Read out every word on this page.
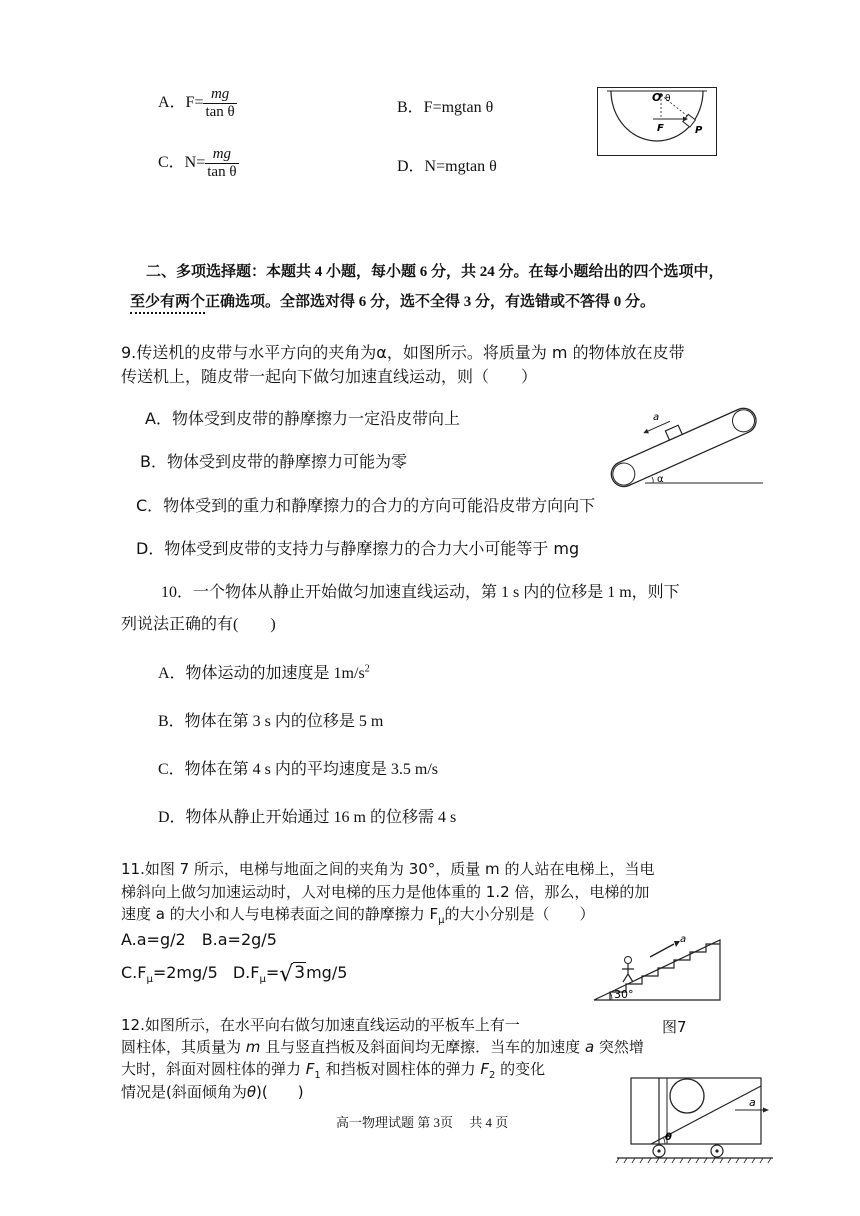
A．$F= \frac{mg}{\text{tan θ}}$	B．F=mgtan θ
C．$N= \frac{mg}{\text{tan θ}}$	D．N=mgtan θ
O θ
F	P
二、多项选择题：本题共 4 小题，每小题 6 分，共 24 分。在每小题给出的四个选项中，
至少有两个正确选项。全部选对得 6 分，选不全得 3 分，有选错或不答得 0 分。
9.传送机的皮带与水平方向的夹角为α，如图所示。将质量为 m 的物体放在皮带
传送机上，随皮带一起向下做匀加速直线运动，则（　　）
A．物体受到皮带的静摩擦力一定沿皮带向上
B．物体受到皮带的静摩擦力可能为零
C．物体受到的重力和静摩擦力的合力的方向可能沿皮带方向向下
D．物体受到皮带的支持力与静摩擦力的合力大小可能等于 mg
a
α
10．一个物体从静止开始做匀加速直线运动，第 1 s 内的位移是 1 m，则下
列说法正确的有(　　)
A．物体运动的加速度是 $1m/s^2$
B．物体在第 3 s 内的位移是 5 m
C．物体在第 4 s 内的平均速度是 3.5 m/s
D．物体从静止开始通过 16 m 的位移需 4 s
11.如图 7 所示，电梯与地面之间的夹角为 30°，质量 m 的人站在电梯上，当电
梯斜向上做匀加速运动时，人对电梯的压力是他体重的 1.2 倍，那么，电梯的加
速度 a 的大小和人与电梯表面之间的静摩擦力 $F_\mu$的大小分别是（　　）
A.a=g/2　B.a=2g/5
$C.F_\mu=2mg/5$ $D.F_\mu=√3mg/5$
a
30°
图7
12.如图所示，在水平向右做匀加速直线运动的平板车上有一
圆柱体，其质量为 m 且与竖直挡板及斜面间均无摩擦．当车的加速度 a 突然增
大时，斜面对圆柱体的弹力 $F_1$ 和挡板对圆柱体的弹力 $F_2$ 的变化
情况是(斜面倾角为θ)(　　)
a
θ
高一物理试题 第 3页　 共 4 页
